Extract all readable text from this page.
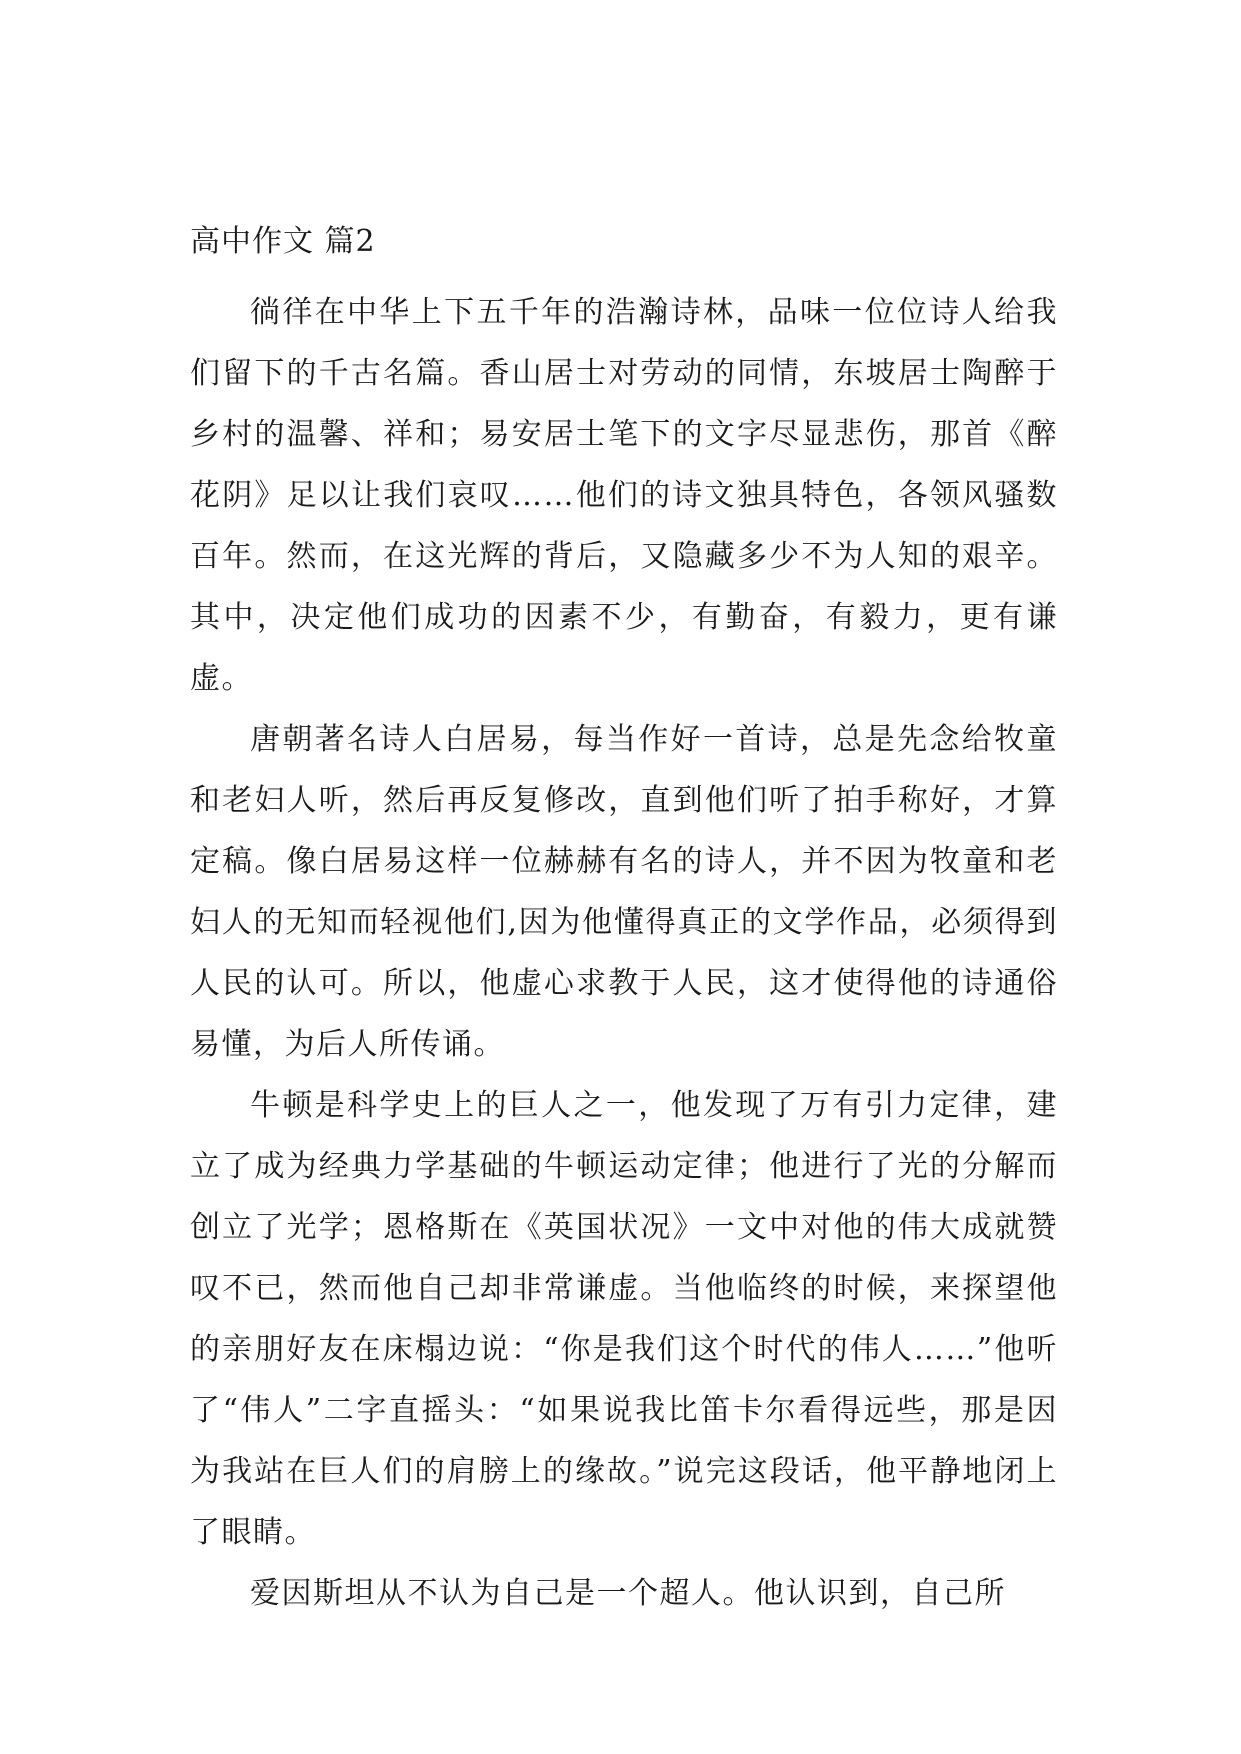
高中作文 篇2

徜徉在中华上下五千年的浩瀚诗林，品味一位位诗人给我们留下的千古名篇。香山居士对劳动的同情，东坡居士陶醉于乡村的温馨、祥和；易安居士笔下的文字尽显悲伤，那首《醉花阴》足以让我们哀叹……他们的诗文独具特色，各领风骚数百年。然而，在这光辉的背后，又隐藏多少不为人知的艰辛。其中，决定他们成功的因素不少，有勤奋，有毅力，更有谦虚。

唐朝著名诗人白居易，每当作好一首诗，总是先念给牧童和老妇人听，然后再反复修改，直到他们听了拍手称好，才算定稿。像白居易这样一位赫赫有名的诗人，并不因为牧童和老妇人的无知而轻视他们,因为他懂得真正的文学作品，必须得到人民的认可。所以，他虚心求教于人民，这才使得他的诗通俗易懂，为后人所传诵。

牛顿是科学史上的巨人之一，他发现了万有引力定律，建立了成为经典力学基础的牛顿运动定律；他进行了光的分解而创立了光学；恩格斯在《英国状况》一文中对他的伟大成就赞叹不已，然而他自己却非常谦虚。当他临终的时候，来探望他的亲朋好友在床榻边说：“你是我们这个时代的伟人……”他听了“伟人”二字直摇头：“如果说我比笛卡尔看得远些，那是因为我站在巨人们的肩膀上的缘故。”说完这段话，他平静地闭上了眼睛。

爱因斯坦从不认为自己是一个超人。他认识到，自己所
